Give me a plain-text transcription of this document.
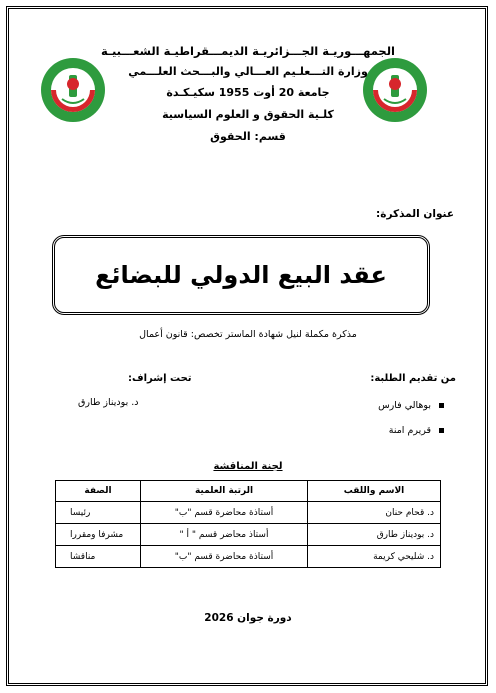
الجمهـــوريـة الجـــزائريـة الديمـــقراطيـة الشعـــبيـة
وزارة التـــعلـيم العـــالي والبـــحث العلـــمي
جامعة 20 أوت 1955 سكيـكـدة
كلـية الحقوق و العلوم السياسية
قسم: الحقوق
عنوان المذكرة:
عقد البيع الدولي للبضائع
مذكرة مكملة لنيل شهادة الماستر تخصص: قانون أعمال
من تقديم الطلبة:
بوهالي فارس
قريرم امنة
تحت إشراف:
د. بوديناز طارق
لجنة المناقشة
الاسم واللقب	الرتبة العلمية	الصفة
د. قحام حنان	أستاذة محاضرة قسم "ب"	رئيسا
د. بوديناز طارق	أستاذ محاضر قسم " أ "	مشرفا ومقررا
د. شليحي كريمة	أستاذة محاضرة قسم "ب"	مناقشا
دورة جوان 2026
